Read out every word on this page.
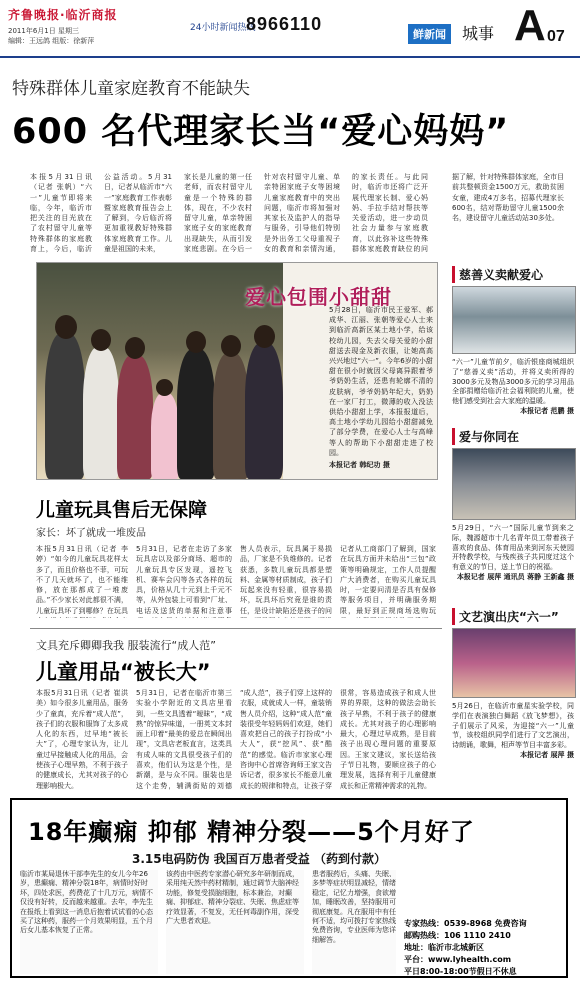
齐鲁晚报·临沂商报
2011年6月1日 星期三
编辑：王远鸽 组版：徐新萍
24小时新闻热线
8966110
鲜新闻	城事 A 07
特殊群体儿童家庭教育不能缺失
600 名代理家长当“爱心妈妈”
本报5月31日讯（记者 张帆）“六一”儿童节即将来临，今年，临沂市把关注的目光放在了农村留守儿童等特殊群体的家庭教育上，今后，临沂
公益活动。5月31日，记者从临沂市“六一”家庭教育工作表彰暨家庭教育报告会上了解到，今后临沂将更加重视教好特殊群体家庭教育工作。儿童是祖国的未来，
家长是儿童的第一任老师，而农村留守儿童是一个特殊的群体，现在，不少农村留守儿童，单亲特困家庭子女的家庭教育出现缺失，从而引发家庭悲剧。在今后一
针对农村留守儿童、单亲特困家庭子女等困境儿童家庭教育中的突出问题，临沂市将加强对其家长及监护人的指导与服务，引导他们特别是外出务工父母重视子女的教育和亲情沟通，
的家长责任。与此同时，临沂市还将广泛开展代理家长制、爱心妈妈、手拉手结对帮扶等关爱活动，进一步动员社会力量参与家庭教育，以此弥补这些特殊群体家庭教育缺位的问
据了解，针对特殊群体家庭，全市目前共整顿资金1500万元，救助贫困女童，建成4万多名，招募代理家长600名，结对帮助留守儿童1500余名，建设留守儿童活动站30多处。
爱心包围小甜甜
5月28日，临沂市民王爱军、郝成华、江丽、张朝等爱心人士来到临沂高新区某土地小学，给该校幼儿园，失去父母关爱的小甜甜送去现金及新衣服，让她高高兴兴地过“六一”。今年6岁的小甜甜在很小时就因父母离异跟着爷爷奶奶生活，还患有轮廓不清的皮肤病，爷爷奶奶年纪大，奶奶在一家厂打工，微薄的收入没法供给小甜甜上学，本报报道后，高土地小学幼儿园给小甜甜减免了部分学费，在爱心人士与高峰等人的帮助下小甜甜走进了校园。
本报记者 韩纪功 摄
儿童玩具售后无保障
家长：坏了就成一堆废品
本报5月31日讯（记者 李婷）“如今的儿童玩具花样太多了，而且价格也不菲，可玩不了几天就坏了，也不能维修，放在那都成了一堆废品。”不少家长对此都很不满，儿童玩具坏了到哪修？在玩具
5月31日，记者在走访了多家玩具店以及部分商场、超市的儿童玩具专区发现，遥控飞机、赛车会闪等各式各样的玩具，价格从几十元到上千元不等，从外包装上可看到“厂址、电话及送货的单据和注意事
售人员表示，玩具属于易损品，厂家是不负维修的。记者获悉，多数儿童玩具都是塑料、金属等材质制成，孩子们玩起来没有轻重，很容易损坏，玩具坏后究竟是谁的责任，是设计缺陷还是孩子的问
记者从工商部门了解到，国家在玩具方面并未给出“三包”政策等明确规定，工作人员提醒广大消费者，在购买儿童玩具时，一定要问清是否具有保修等服务项目，并明确服务期限，最好到正规商场选购玩
文具充斥卿卿我我 服装流行“成人范”
儿童用品“被长大”
本报5月31日讯（记者 崔洪美）如今很多儿童用品，服务少了童真，充斥着“成人范”，孩子们的衣服和服饰了太多成人化的东西，过早地“被长大”了，心理专家认为，让儿童过早接触成人化的用品，会使孩子心理早熟，不利于孩子的健康成长，尤其对孩子的心理影响极大。
5月31日，记者在临沂市第三实验小学附近的文具店里看到，一些文具透着“暧昧”，“成熟”的惊异味道，一册英文本封面上印着“最美的爱总在瞬间出现”，文具店老板直言，这类具有成人味的文具很受孩子们的喜欢，他们认为这是个性，是新潮，是与众不同。服装也是这个走势，辅满街贴的刘德
“成人范”，孩子们穿上这样的衣服，成就成人一样，童装销售人员介绍，这种“成人范”童装很受年轻妈妈们欢迎，她们喜欢把自己的孩子打扮成“小大人”，获“挖风”、获“酷范”的感觉。临沂市家家心理咨询中心首席咨询师王家文告诉记者，很多家长不能意儿童成长的规律和特点，让孩子穿
很常，容易造成孩子和成人世界的界限，这种的做法会助长孩子早熟，不利于孩子的健康成长。尤其对孩子的心理影响最大，心理过早成熟，是目前孩子出现心理问题的重要原因。王家文建议，家长送给孩子节日礼物，要顺应孩子的心理发展，选择有利于儿童健康成长和正常精神需求的礼物。
慈善义卖献爱心
“六一”儿童节前夕，临沂银座商城组织了“慈善义卖”活动，并将义卖所得的3000多元及物品3000多元的学习用品全部捐赠给临沂社会福利院的儿童，使他们感受到社会大家庭的温暖。
本报记者 范鹏 摄
爱与你同在
5月29日，“六一”国际儿童节到来之际，魏源超市十几名青年员工带着孩子喜欢的食品、体育用品来到河东天使园开特教学校，与残疾孩子共同度过这个有意义的节日，送上节日的祝福。
本报记者 展萍 通讯员 蒋静 王新鑫 摄
文艺演出庆“六一”
5月26日，在临沂市童星实验学校，同学们在表演独白舞蹈《放飞梦想》，孩子们展示了风采，为迎接“六一”儿童节，该校组织同学们进行了文艺演出，诗朗诵，歌舞，相声等节目丰富多彩。
本报记者 展萍 摄
18年癫痫 抑郁 精神分裂——5个月好了
3.15电码防伪 我国百万患者受益 （药到付款）
临沂市某局退休干部李先生的女儿今年26岁，患癫痫、精神分裂18年，病情时好时坏，四处求医，药费花了十几万元，病情不仅没有好转，反而越来越重。去年，李先生在报纸上看到这一消息后抱着试试看的心态买了这种药，服药一个月效果明显，五个月后女儿基本恢复了正常。
该药由中医药专家潜心研究多年研制而成，采用纯天然中药材精制，通过调节大脑神经功能，修复受损脑细胞，标本兼治，对癫痫、抑郁症、精神分裂症、失眠、焦虑症等疗效显著，不复发，无任何毒副作用，深受广大患者欢迎。
患者服药后，头痛、失眠、多梦等症状明显减轻，情绪稳定，记忆力增强，食欲增加，睡眠改善，坚持服用可彻底康复。凡在服用中有任何不适，均可拨打专家热线免费咨询，专业医师为您详细解答。
专家热线：0539-8968 免费咨询
邮购热线：106 1110 2410
地址：临沂市北城新区
平台：www.lyhealth.com
平日8:00-18:00节假日不休息
